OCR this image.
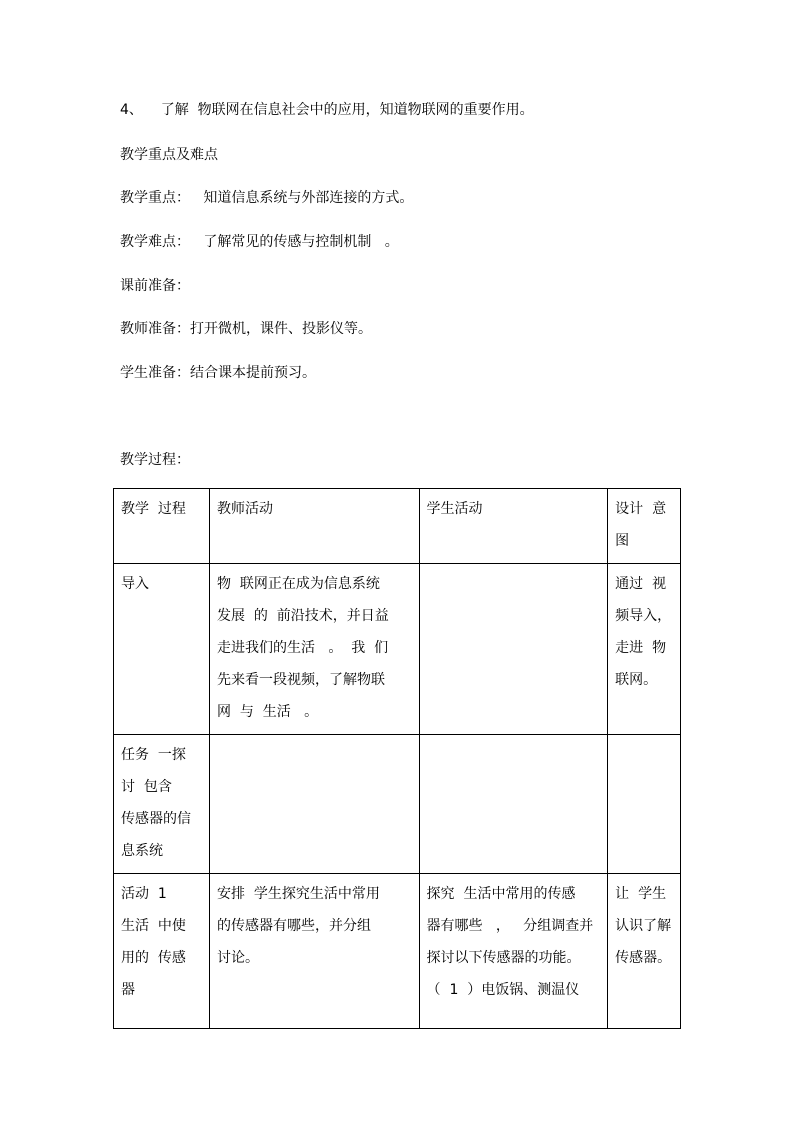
4、    了解  物联网在信息社会中的应用，知道物联网的重要作用。
教学重点及难点
教学重点：   知道信息系统与外部连接的方式。
教学难点：   了解常见的传感与控制机制   。
课前准备：
教师准备：打开微机，课件、投影仪等。
学生准备：结合课本提前预习。
教学过程：
教学  过程	教师活动	学生活动	设计  意
图

导入	物  联网正在成为信息系统
发展  的  前沿技术，并日益
走进我们的生活   。  我  们
先来看一段视频，了解物联
网  与  生活   。		通过  视
频导入，
走进  物
联网。

任务  一探
讨  包含
传感器的信
息系统			

活动  1
生活  中使
用的  传感
器	安排  学生探究生活中常用
的传感器有哪些，并分组
讨论。	探究  生活中常用的传感
器有哪些   ，   分组调查并
探讨以下传感器的功能。
（  1  ）电饭锅、测温仪	让  学生
认识了解
传感器。
